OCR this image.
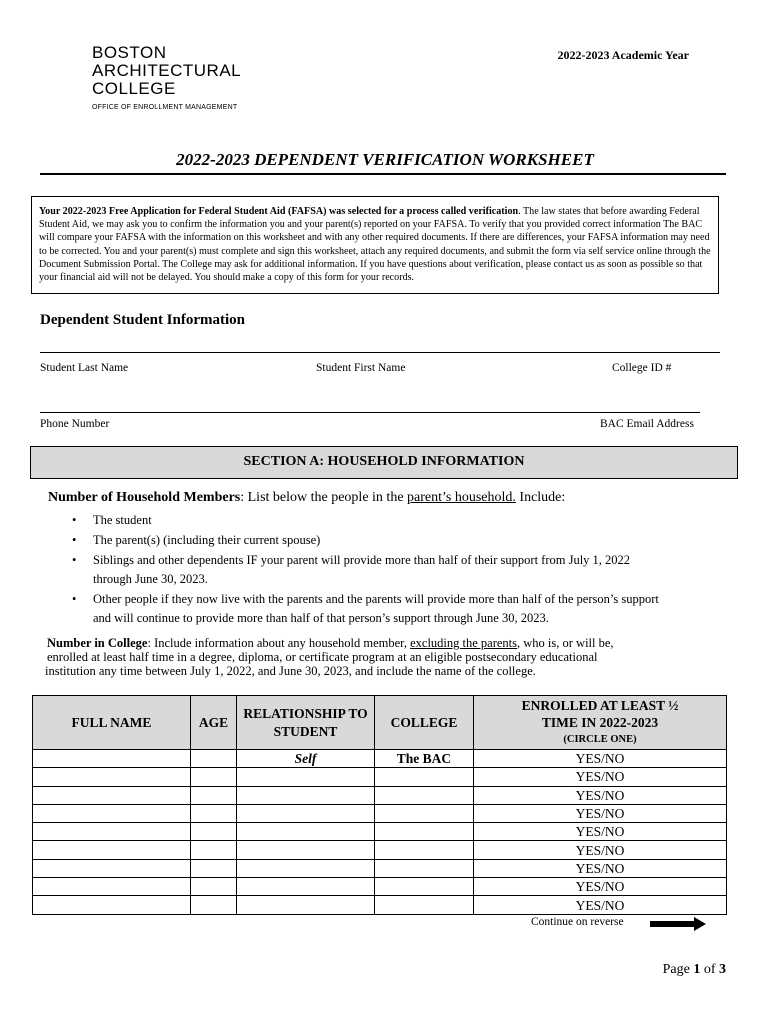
BOSTON
ARCHITECTURAL
COLLEGE
OFFICE OF ENROLLMENT MANAGEMENT
2022-2023 Academic Year
2022-2023 DEPENDENT VERIFICATION WORKSHEET
Your 2022-2023 Free Application for Federal Student Aid (FAFSA) was selected for a process called verification. The law states that before awarding Federal Student Aid, we may ask you to confirm the information you and your parent(s) reported on your FAFSA. To verify that you provided correct information The BAC will compare your FAFSA with the information on this worksheet and with any other required documents. If there are differences, your FAFSA information may need to be corrected. You and your parent(s) must complete and sign this worksheet, attach any required documents, and submit the form via self service online through the Document Submission Portal. The College may ask for additional information. If you have questions about verification, please contact us as soon as possible so that your financial aid will not be delayed. You should make a copy of this form for your records.
Dependent Student Information
Student Last Name	Student First Name	College ID #
Phone Number	BAC Email Address
SECTION A: HOUSEHOLD INFORMATION
Number of Household Members: List below the people in the parent’s household. Include:
•	The student
•	The parent(s) (including their current spouse)
•	Siblings and other dependents IF your parent will provide more than half of their support from July 1, 2022
through June 30, 2023.
•	Other people if they now live with the parents and the parents will provide more than half of the person’s support
and will continue to provide more than half of that person’s support through June 30, 2023.
Number in College: Include information about any household member, excluding the parents, who is, or will be,
enrolled at least half time in a degree, diploma, or certificate program at an eligible postsecondary educational
institution any time between July 1, 2022, and June 30, 2023, and include the name of the college.
FULL NAME	AGE	RELATIONSHIP TO STUDENT	COLLEGE	ENROLLED AT LEAST ½ TIME IN 2022-2023
(CIRCLE ONE)

		Self	The BAC	YES/NO
				YES/NO
				YES/NO
				YES/NO
				YES/NO
				YES/NO
				YES/NO
				YES/NO
				YES/NO
Continue on reverse
Page 1 of 3
